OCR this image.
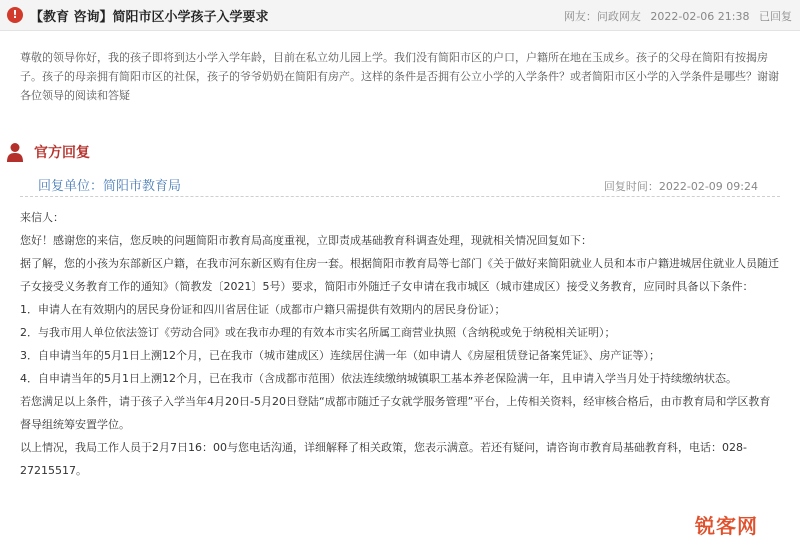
! 【教育 咨询】简阳市区小学孩子入学要求	网友：问政网友 2022-02-06 21:38 已回复
尊敬的领导你好，我的孩子即将到达小学入学年龄，目前在私立幼儿园上学。我们没有简阳市区的户口，户籍所在地在玉成乡。孩子的父母在简阳有按揭房子。孩子的母亲拥有简阳市区的社保，孩子的爷爷奶奶在简阳有房产。这样的条件是否拥有公立小学的入学条件？或者简阳市区小学的入学条件是哪些？谢谢各位领导的阅读和答疑
官方回复
回复单位：简阳市教育局	回复时间：2022-02-09 09:24

来信人：

您好！感谢您的来信，您反映的问题简阳市教育局高度重视，立即责成基础教育科调查处理，现就相关情况回复如下：

据了解，您的小孩为东部新区户籍，在我市河东新区购有住房一套。根据简阳市教育局等七部门《关于做好来简阳就业人员和本市户籍进城居住就业人员随迁子女接受义务教育工作的通知》（简教发〔2021〕5号）要求，简阳市外随迁子女申请在我市城区（城市建成区）接受义务教育，应同时具备以下条件：

1．申请人在有效期内的居民身份证和四川省居住证（成都市户籍只需提供有效期内的居民身份证）；

2．与我市用人单位依法签订《劳动合同》或在我市办理的有效本市实名所属工商营业执照（含纳税或免于纳税相关证明）；

3．自申请当年的5月1日上溯12个月，已在我市（城市建成区）连续居住满一年（如申请人《房屋租赁登记备案凭证》、房产证等）；

4．自申请当年的5月1日上溯12个月，已在我市（含成都市范围）依法连续缴纳城镇职工基本养老保险满一年，且申请入学当月处于持续缴纳状态。

若您满足以上条件，请于孩子入学当年4月20日-5月20日登陆“成都市随迁子女就学服务管理”平台，上传相关资料，经审核合格后，由市教育局和学区教育督导组统筹安置学位。

以上情况，我局工作人员于2月7日16：00与您电话沟通，详细解释了相关政策，您表示满意。若还有疑问，请咨询市教育局基础教育科，电话：028-27215517。

锐客网
